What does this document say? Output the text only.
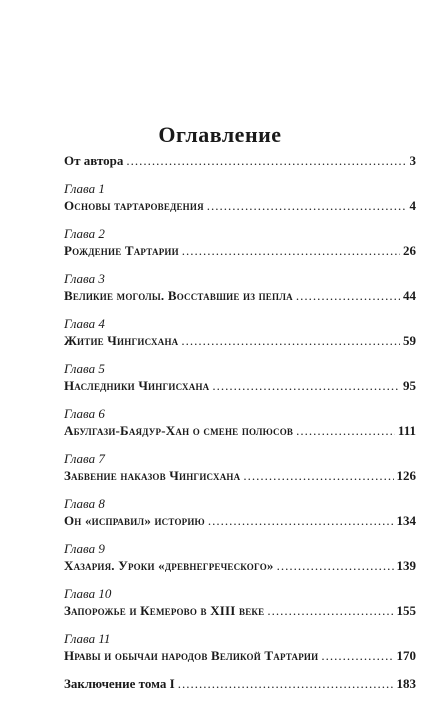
Оглавление
От автора .....	3
Глава 1
Основы тартароведения .....	4
Глава 2
Рождение Тартарии .....	26
Глава 3
Великие моголы. Восставшие из пепла .....	44
Глава 4
Житие Чингисхана .....	59
Глава 5
Наследники Чингисхана .....	95
Глава 6
Абулгази-Баядур-Хан о смене полюсов .....	111
Глава 7
Забвение наказов Чингисхана .....	126
Глава 8
Он «исправил» историю .....	134
Глава 9
Хазария. Уроки «древнегреческого» .....	139
Глава 10
Запорожье и Кемерово в XIII веке .....	155
Глава 11
Нравы и обычаи народов Великой Тартарии .....	170
Заключение тома I .....	183
